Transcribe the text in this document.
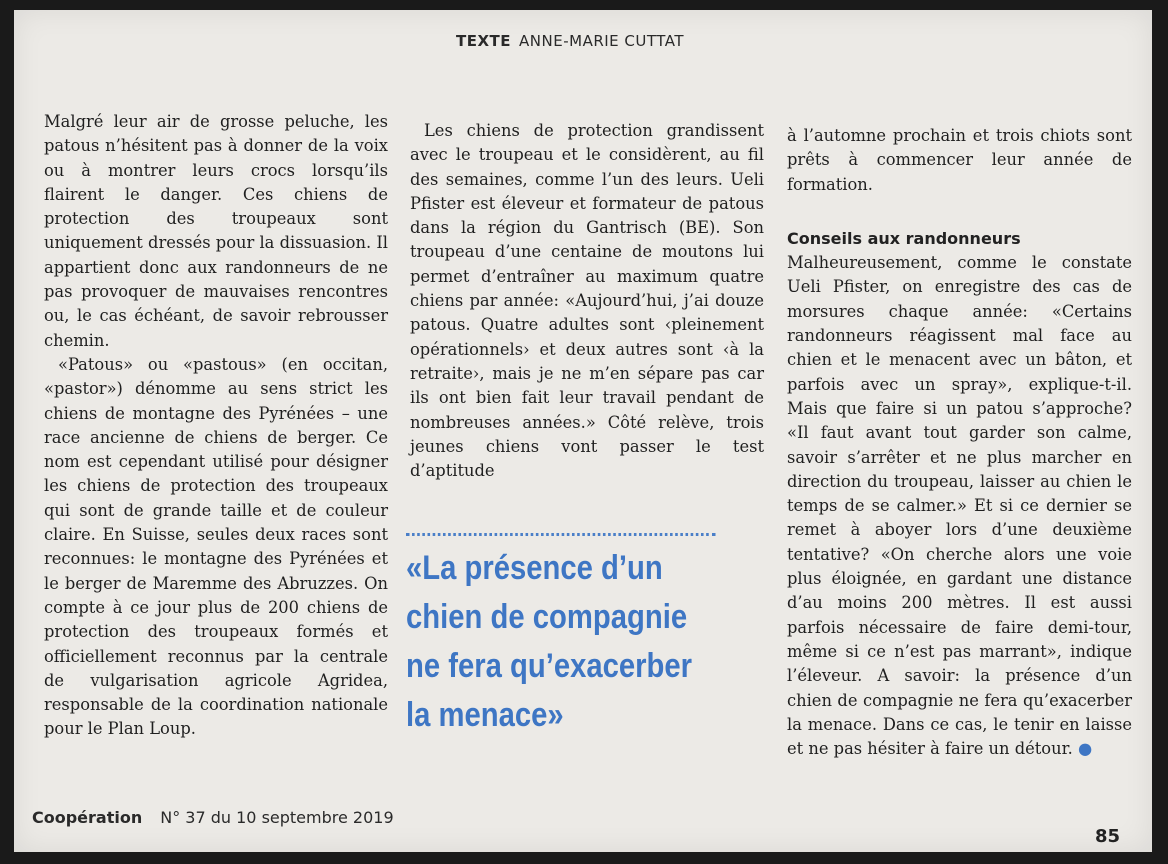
TEXTE ANNE-MARIE CUTTAT

Malgré leur air de grosse peluche, les patous n’hésitent pas à donner de la voix ou à montrer leurs crocs lorsqu’ils flairent le danger. Ces chiens de protection des troupeaux sont uniquement dressés pour la dissuasion. Il appartient donc aux randonneurs de ne pas provoquer de mauvaises rencontres ou, le cas échéant, de savoir rebrousser chemin.

«Patous» ou «pastous» (en occitan, «pastor») dénomme au sens strict les chiens de montagne des Pyrénées – une race ancienne de chiens de berger. Ce nom est cependant utilisé pour désigner les chiens de protection des troupeaux qui sont de grande taille et de couleur claire. En Suisse, seules deux races sont reconnues: le montagne des Pyrénées et le berger de Maremme des Abruzzes. On compte à ce jour plus de 200 chiens de protection des troupeaux formés et officiellement reconnus par la centrale de vulgarisation agricole Agridea, responsable de la coordination nationale pour le Plan Loup.

Les chiens de protection grandissent avec le troupeau et le considèrent, au fil des semaines, comme l’un des leurs. Ueli Pfister est éleveur et formateur de patous dans la région du Gantrisch (BE). Son troupeau d’une centaine de moutons lui permet d’entraîner au maximum quatre chiens par année: «Aujourd’hui, j’ai douze patous. Quatre adultes sont ‹pleinement opérationnels› et deux autres sont ‹à la retraite›, mais je ne m’en sépare pas car ils ont bien fait leur travail pendant de nombreuses années.» Côté relève, trois jeunes chiens vont passer le test d’aptitude

«La présence d’un
chien de compagnie
ne fera qu’exacerber
la menace»

à l’automne prochain et trois chiots sont prêts à commencer leur année de formation.

Conseils aux randonneurs

Malheureusement, comme le constate Ueli Pfister, on enregistre des cas de morsures chaque année: «Certains randonneurs réagissent mal face au chien et le menacent avec un bâton, et parfois avec un spray», explique-t-il. Mais que faire si un patou s’approche? «Il faut avant tout garder son calme, savoir s’arrêter et ne plus marcher en direction du troupeau, laisser au chien le temps de se calmer.» Et si ce dernier se remet à aboyer lors d’une deuxième tentative? «On cherche alors une voie plus éloignée, en gardant une distance d’au moins 200 mètres. Il est aussi parfois nécessaire de faire demi-tour, même si ce n’est pas marrant», indique l’éleveur. A savoir: la présence d’un chien de compagnie ne fera qu’exacerber la menace. Dans ce cas, le tenir en laisse et ne pas hésiter à faire un détour. ●

Coopération N° 37 du 10 septembre 2019
85
